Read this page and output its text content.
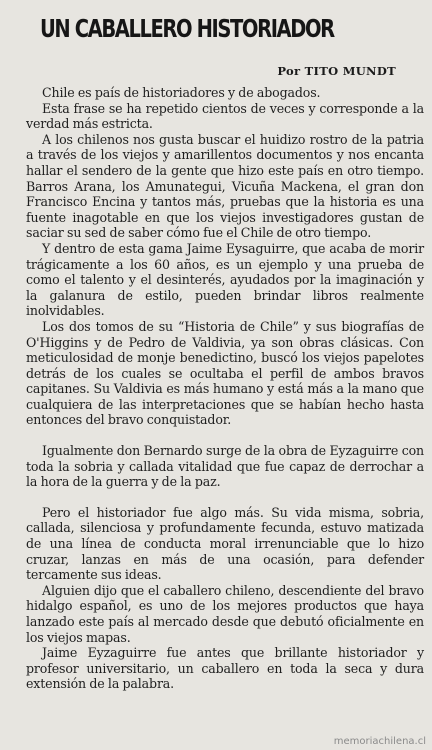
UN CABALLERO HISTORIADOR
Por TITO MUNDT

Chile es país de historiadores y de abogados.

Esta frase se ha repetido cientos de veces y corresponde a la verdad más estricta.

A los chilenos nos gusta buscar el huidizo rostro de la patria a través de los viejos y amarillentos documentos y nos encanta hallar el sendero de la gente que hizo este país en otro tiempo. Barros Arana, los Amunategui, Vicuña Mackena, el gran don Francisco Encina y tantos más, pruebas que la historia es una fuente inagotable en que los viejos investigadores gustan de saciar su sed de saber cómo fue el Chile de otro tiempo.

Y dentro de esta gama Jaime Eysaguirre, que acaba de morir trágicamente a los 60 años, es un ejemplo y una prueba de como el talento y el desinterés, ayudados por la imaginación y la galanura de estilo, pueden brindar libros realmente inolvidables.

Los dos tomos de su “Historia de Chile” y sus biografías de O'Higgins y de Pedro de Valdivia, ya son obras clásicas. Con meticulosidad de monje benedictino, buscó los viejos papelotes detrás de los cuales se ocultaba el perfil de ambos bravos capitanes. Su Valdivia es más humano y está más a la mano que cualquiera de las interpretaciones que se habían hecho hasta entonces del bravo conquistador.

Igualmente don Bernardo surge de la obra de Eyzaguirre con toda la sobria y callada vitalidad que fue capaz de derrochar a la hora de la guerra y de la paz.

Pero el historiador fue algo más. Su vida misma, sobria, callada, silenciosa y profundamente fecunda, estuvo matizada de una línea de conducta moral irrenunciable que lo hizo cruzar, lanzas en más de una ocasión, para defender tercamente sus ideas.

Alguien dijo que el caballero chileno, descendiente del bravo hidalgo español, es uno de los mejores productos que haya lanzado este país al mercado desde que debutó oficialmente en los viejos mapas.

Jaime Eyzaguirre fue antes que brillante historiador y profesor universitario, un caballero en toda la seca y dura extensión de la palabra.

memoriachilena.cl
